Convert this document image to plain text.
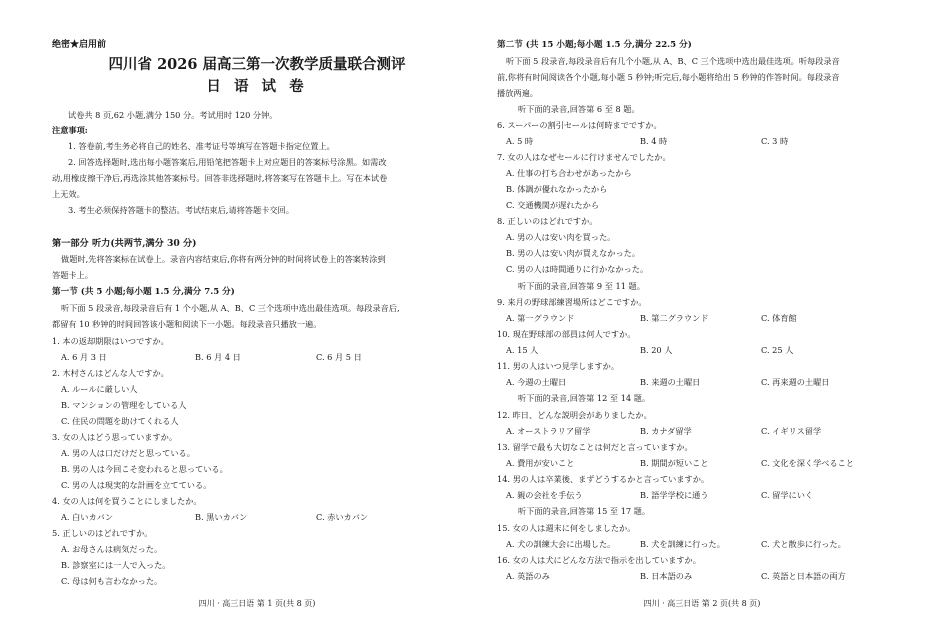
绝密★启用前
四川省 2026 届高三第一次教学质量联合测评
日 语 试 卷
试卷共 8 页,62 小题,满分 150 分。考试用时 120 分钟。
注意事项:
1. 答卷前,考生务必将自己的姓名、准考证号等填写在答题卡指定位置上。
2. 回答选择题时,选出每小题答案后,用铅笔把答题卡上对应题目的答案标号涂黑。如需改
动,用橡皮擦干净后,再选涂其他答案标号。回答非选择题时,将答案写在答题卡上。写在本试卷
上无效。
3. 考生必须保持答题卡的整洁。考试结束后,请将答题卡交回。
第一部分 听力(共两节,满分 30 分)
做题时,先将答案标在试卷上。录音内容结束后,你将有两分钟的时间将试卷上的答案转涂到
答题卡上。
第一节 (共 5 小题;每小题 1.5 分,满分 7.5 分)
听下面 5 段录音,每段录音后有 1 个小题,从 A、B、C 三个选项中选出最佳选项。每段录音后,
都留有 10 秒钟的时间回答该小题和阅读下一小题。每段录音只播放一遍。
1. 本の返却期限はいつですか。
A. 6 月 3 日	B. 6 月 4 日	C. 6 月 5 日
2. 木村さんはどんな人ですか。
A. ルールに厳しい人
B. マンションの管理をしている人
C. 住民の問題を助けてくれる人
3. 女の人はどう思っていますか。
A. 男の人は口だけだと思っている。
B. 男の人は今回こそ変われると思っている。
C. 男の人は現実的な計画を立てている。
4. 女の人は何を買うことにしましたか。
A. 白いカバン	B. 黒いカバン	C. 赤いカバン
5. 正しいのはどれですか。
A. お母さんは病気だった。
B. 診察室には一人で入った。
C. 母は何も言わなかった。
四川 · 高三日语 第 1 页(共 8 页)
第二节 (共 15 小题;每小题 1.5 分,满分 22.5 分)
听下面 5 段录音,每段录音后有几个小题,从 A、B、C 三个选项中选出最佳选项。听每段录音
前,你将有时间阅读各个小题,每小题 5 秒钟;听完后,每小题将给出 5 秒钟的作答时间。每段录音
播放两遍。
听下面的录音,回答第 6 至 8 题。
6. スーパーの割引セールは何時までですか。
A. 5 時	B. 4 時	C. 3 時
7. 女の人はなぜセールに行けませんでしたか。
A. 仕事の打ち合わせがあったから
B. 体調が優れなかったから
C. 交通機関が遅れたから
8. 正しいのはどれですか。
A. 男の人は安い肉を買った。
B. 男の人は安い肉が買えなかった。
C. 男の人は時間通りに行かなかった。
听下面的录音,回答第 9 至 11 题。
9. 来月の野球部練習場所はどこですか。
A. 第一グラウンド	B. 第二グラウンド	C. 体育館
10. 現在野球部の部員は何人ですか。
A. 15 人	B. 20 人	C. 25 人
11. 男の人はいつ見学しますか。
A. 今週の土曜日	B. 来週の土曜日	C. 再来週の土曜日
听下面的录音,回答第 12 至 14 题。
12. 昨日、どんな説明会がありましたか。
A. オーストラリア留学	B. カナダ留学	C. イギリス留学
13. 留学で最も大切なことは何だと言っていますか。
A. 費用が安いこと	B. 期間が短いこと	C. 文化を深く学べること
14. 男の人は卒業後、まずどうするかと言っていますか。
A. 親の会社を手伝う	B. 語学学校に通う	C. 留学にいく
听下面的录音,回答第 15 至 17 题。
15. 女の人は週末に何をしましたか。
A. 犬の訓練大会に出場した。	B. 犬を訓練に行った。	C. 犬と散歩に行った。
16. 女の人は犬にどんな方法で指示を出していますか。
A. 英語のみ	B. 日本語のみ	C. 英語と日本語の両方
四川 · 高三日语 第 2 页(共 8 页)
